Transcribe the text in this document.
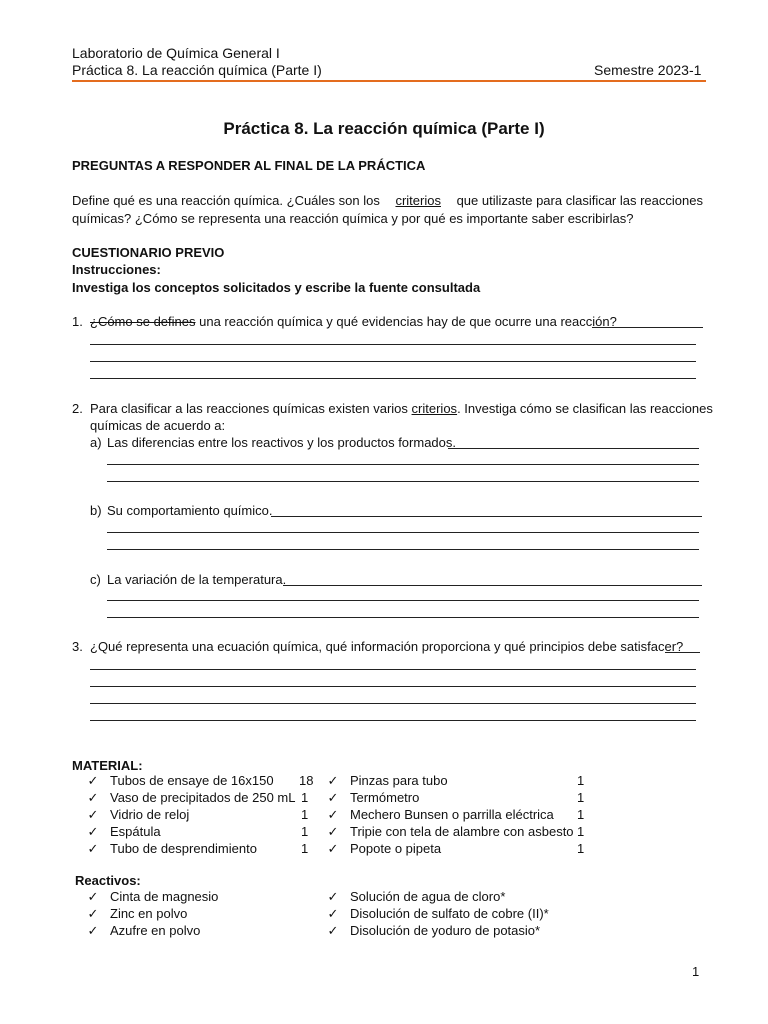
Laboratorio de Química General I
Práctica 8. La reacción química (Parte I)	Semestre 2023-1
Práctica 8. La reacción química (Parte I)
PREGUNTAS A RESPONDER AL FINAL DE LA PRÁCTICA
Define qué es una reacción química. ¿Cuáles son los criterios que utilizaste para clasificar las reacciones
químicas? ¿Cómo se representa una reacción química y por qué es importante saber escribirlas?
CUESTIONARIO PREVIO
Instrucciones:
Investiga los conceptos solicitados y escribe la fuente consultada
1. ¿Cómo se defines una reacción química y qué evidencias hay de que ocurre una reacción?
2. Para clasificar a las reacciones químicas existen varios criterios. Investiga cómo se clasifican las reacciones
químicas de acuerdo a:
a) Las diferencias entre los reactivos y los productos formados.
b) Su comportamiento químico.
c) La variación de la temperatura.
3. ¿Qué representa una ecuación química, qué información proporciona y qué principios debe satisfacer?
MATERIAL:
✓ Tubos de ensaye de 16x150 18
✓ Vaso de precipitados de 250 mL 1
✓ Vidrio de reloj	1
✓ Espátula	1
✓ Tubo de desprendimiento	1
✓ Pinzas para tubo	1
✓ Termómetro	1
✓ Mechero Bunsen o parrilla eléctrica 1
✓ Tripie con tela de alambre con asbesto 1
✓ Popote o pipeta	1
Reactivos:
✓ Cinta de magnesio
✓ Zinc en polvo
✓ Azufre en polvo
✓ Solución de agua de cloro*
✓ Disolución de sulfato de cobre (II)*
✓ Disolución de yoduro de potasio*
1
